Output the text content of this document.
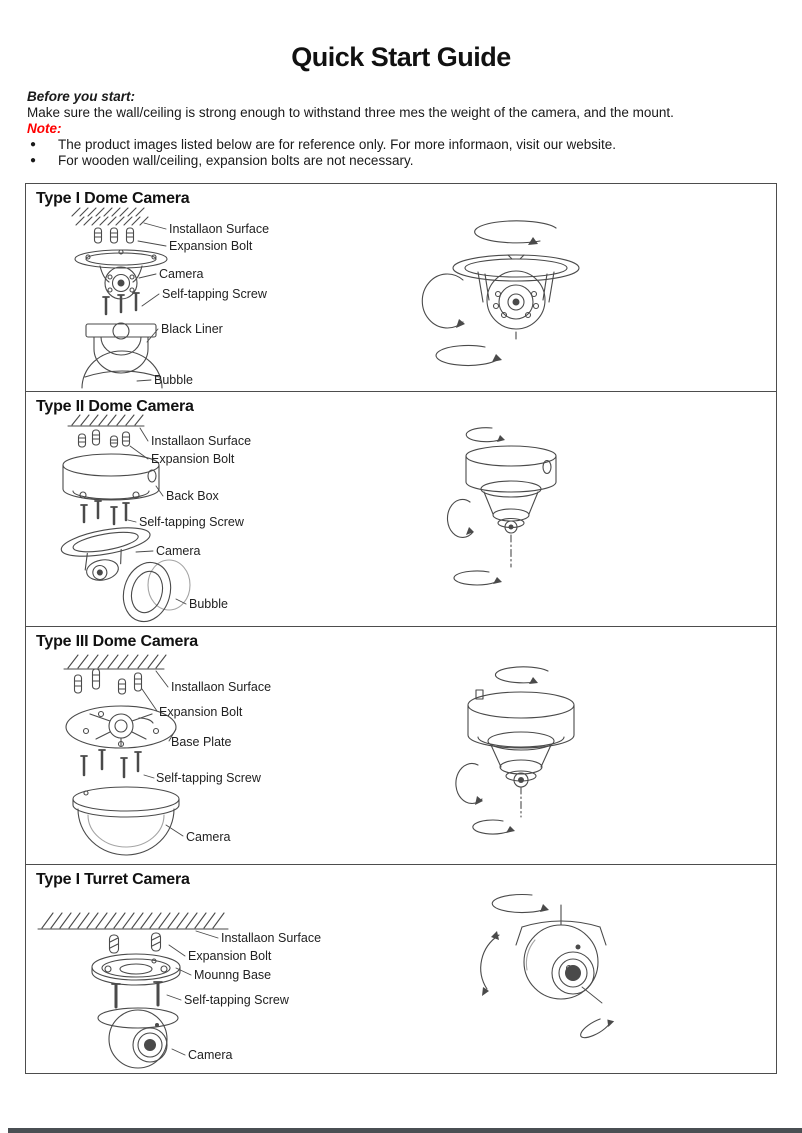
Quick Start Guide

Before you start:

Make sure the wall/ceiling is strong enough to withstand three mes the weight of the camera, and the mount.

Note:

●	The product images listed below are for reference only. For more informaon, visit our website.
●	For wooden wall/ceiling, expansion bolts are not necessary.
Type I Dome Camera
Installaon Surface
Expansion Bolt
Camera
Self-tapping Screw
Black Liner
Bubble
Type II Dome Camera
Installaon Surface
Expansion Bolt
Back Box
Self-tapping Screw
Camera
Bubble
Type III Dome Camera
Installaon Surface
Expansion Bolt
Base Plate
Self-tapping Screw
Camera
Type I Turret Camera
Installaon Surface
Expansion Bolt
Mounng Base
Self-tapping Screw
Camera
